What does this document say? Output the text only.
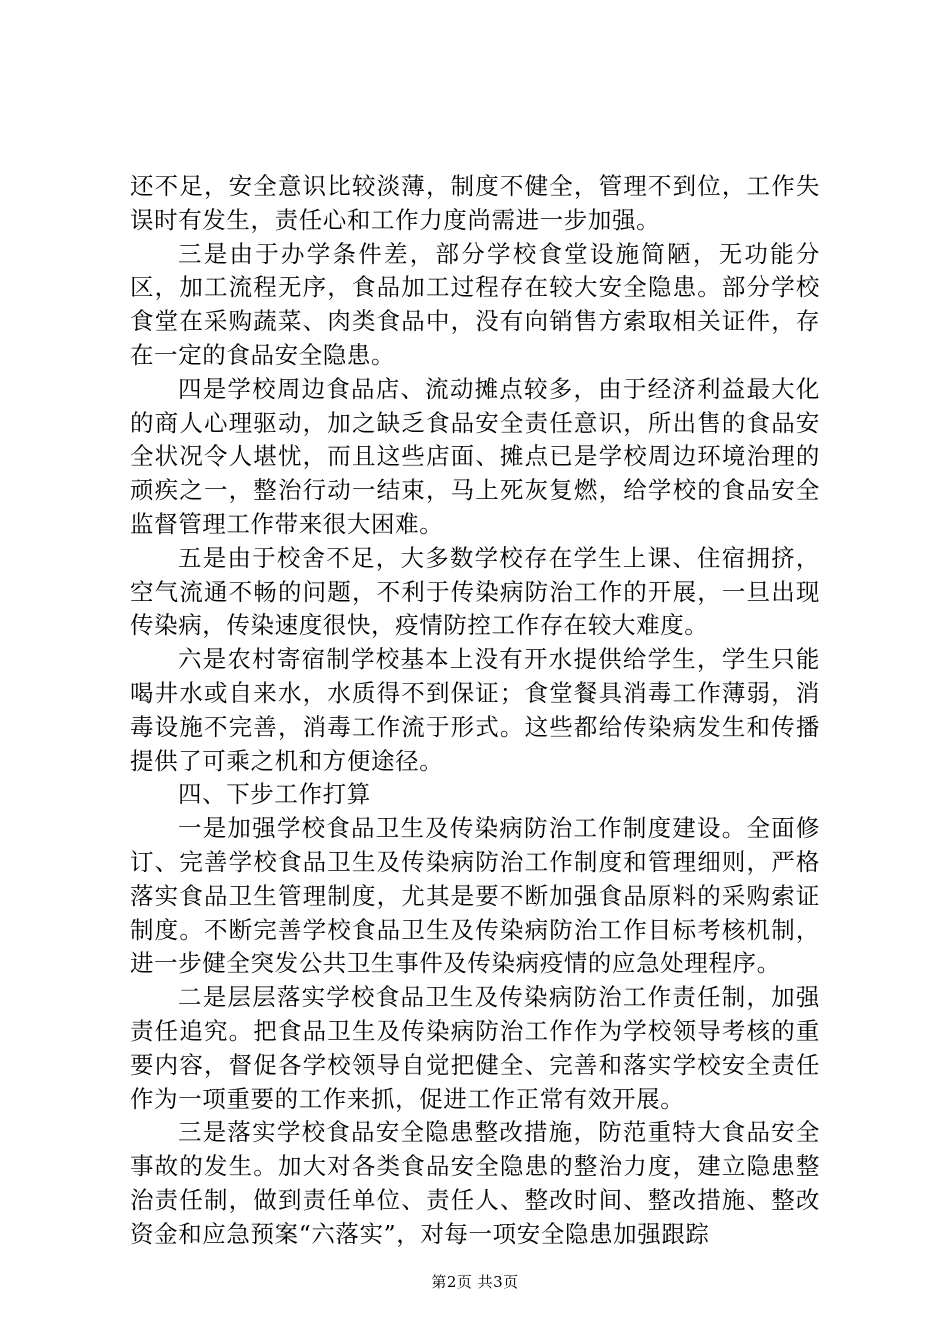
还不足，安全意识比较淡薄，制度不健全，管理不到位，工作失误时有发生，责任心和工作力度尚需进一步加强。

三是由于办学条件差，部分学校食堂设施简陋，无功能分区，加工流程无序，食品加工过程存在较大安全隐患。部分学校食堂在采购蔬菜、肉类食品中，没有向销售方索取相关证件，存在一定的食品安全隐患。

四是学校周边食品店、流动摊点较多，由于经济利益最大化的商人心理驱动，加之缺乏食品安全责任意识，所出售的食品安全状况令人堪忧，而且这些店面、摊点已是学校周边环境治理的顽疾之一，整治行动一结束，马上死灰复燃，给学校的食品安全监督管理工作带来很大困难。

五是由于校舍不足，大多数学校存在学生上课、住宿拥挤，空气流通不畅的问题，不利于传染病防治工作的开展，一旦出现传染病，传染速度很快，疫情防控工作存在较大难度。

六是农村寄宿制学校基本上没有开水提供给学生，学生只能喝井水或自来水，水质得不到保证；食堂餐具消毒工作薄弱，消毒设施不完善，消毒工作流于形式。这些都给传染病发生和传播提供了可乘之机和方便途径。

四、下步工作打算

一是加强学校食品卫生及传染病防治工作制度建设。全面修订、完善学校食品卫生及传染病防治工作制度和管理细则，严格落实食品卫生管理制度，尤其是要不断加强食品原料的采购索证制度。不断完善学校食品卫生及传染病防治工作目标考核机制，进一步健全突发公共卫生事件及传染病疫情的应急处理程序。

二是层层落实学校食品卫生及传染病防治工作责任制，加强责任追究。把食品卫生及传染病防治工作作为学校领导考核的重要内容，督促各学校领导自觉把健全、完善和落实学校安全责任作为一项重要的工作来抓，促进工作正常有效开展。

三是落实学校食品安全隐患整改措施，防范重特大食品安全事故的发生。加大对各类食品安全隐患的整治力度，建立隐患整治责任制，做到责任单位、责任人、整改时间、整改措施、整改资金和应急预案“六落实”，对每一项安全隐患加强跟踪

第2页 共3页
